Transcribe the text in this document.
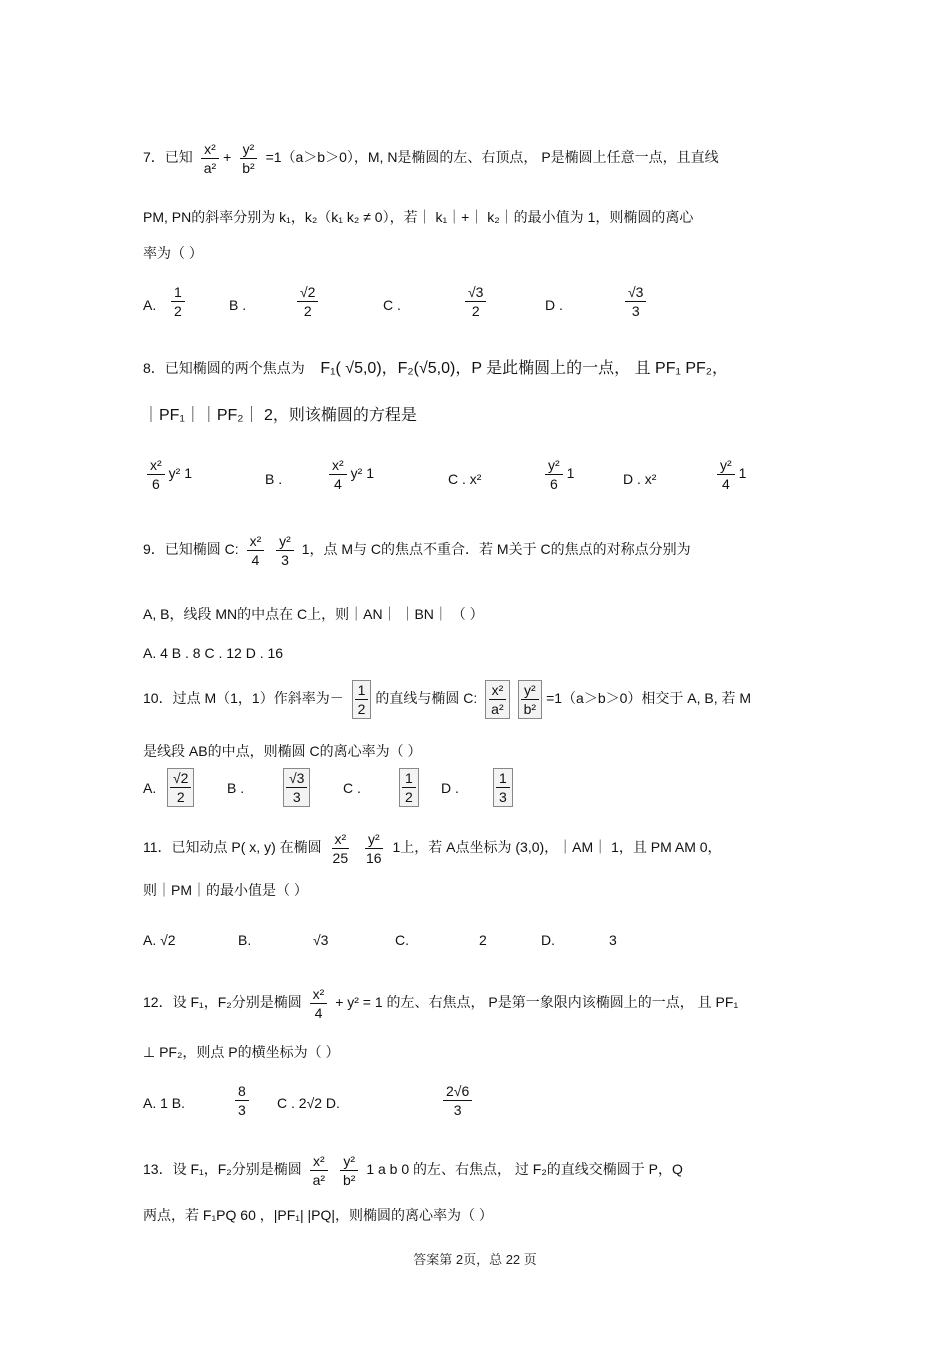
7．已知 $\frac{\text{x²}}{\text{a²}} + \frac{\text{y²}}{\text{b²}} =1(a>b>0)$，M, N是椭圆的左、右顶点， P是椭圆上任意一点，且直线
PM, PN的斜率分别为 k₁，k₂（k₁ k₂ ≠ 0），若｜ k₁｜+｜ k₂｜的最小值为 1，则椭圆的离心
率为（ ）
A. $\frac{1}{2}$	B .	$\frac{√2}{2}$	C .	$\frac{√3}{2}$	D .	$\frac{√3}{3}$
8．已知椭圆的两个焦点为 F₁( √5,0)，F₂(√5,0)，P 是此椭圆上的一点， 且 PF₁ PF₂，
｜PF₁｜｜PF₂｜ 2，则该椭圆的方程是
$\frac{\text{x²}}{6} y^2$ 1	B .	$\frac{\text{x²}}{4} y^2$ 1	C . x²	$\frac{\text{y²}}{6} 1$	D . x²	$\frac{\text{y²}}{4} 1$
9．已知椭圆 C: $\frac{\text{x²}}{4}$
$\frac{\text{y²}}{3} 1$，点 M与 C的焦点不重合．若 M关于 C的焦点的对称点分别为
A, B，线段 MN的中点在 C上，则｜AN｜ ｜BN｜ （ ）
A. 4 B . 8 C . 12 D . 16
10．过点 M（1，1）作斜率为－ $\frac{1}{2}$ 的直线与椭圆 C: $\frac{\text{x²}}{\text{a²}} \frac{\text{y²}}{\text{b²}} =1(a>b>0)$相交于 A, B, 若 M
是线段 AB的中点，则椭圆 C的离心率为（ ）
A. $\frac{√2}{2}$ B .	$\frac{√3}{3}$ C .	$\frac{1}{2}$ D . $\frac{1}{3}$
11．已知动点 P( x, y) 在椭圆 $\frac{\text{x²}}{25}$
$\frac{\text{y²}}{16} 1$上，若 A点坐标为 (3,0)，｜AM｜ 1，且 PM AM 0，
则｜PM｜的最小值是（ ）
A. √2	B.	√3	C.	2	D.	3
12．设 F₁，F₂分别是椭圆 $\frac{\text{x²}}{4} + y^2 = 1$ 的左、右焦点， P是第一象限内该椭圆上的一点， 且 PF₁
⊥ PF₂，则点 P的横坐标为（ ）
A. 1 B.	$\frac{8}{3}$ C . 2√2 D.	$\frac{2√6}{3}$
13．设 F₁，F₂分别是椭圆 $\frac{\text{x²}}{\text{a²}}$
$\frac{\text{y²}}{\text{b²}} 1$ a b 0 的左、右焦点， 过 F₂的直线交椭圆于 P，Q
两点，若 F₁PQ 60 ，|PF₁| |PQ|，则椭圆的离心率为（ ）
答案第 2页，总 22 页
